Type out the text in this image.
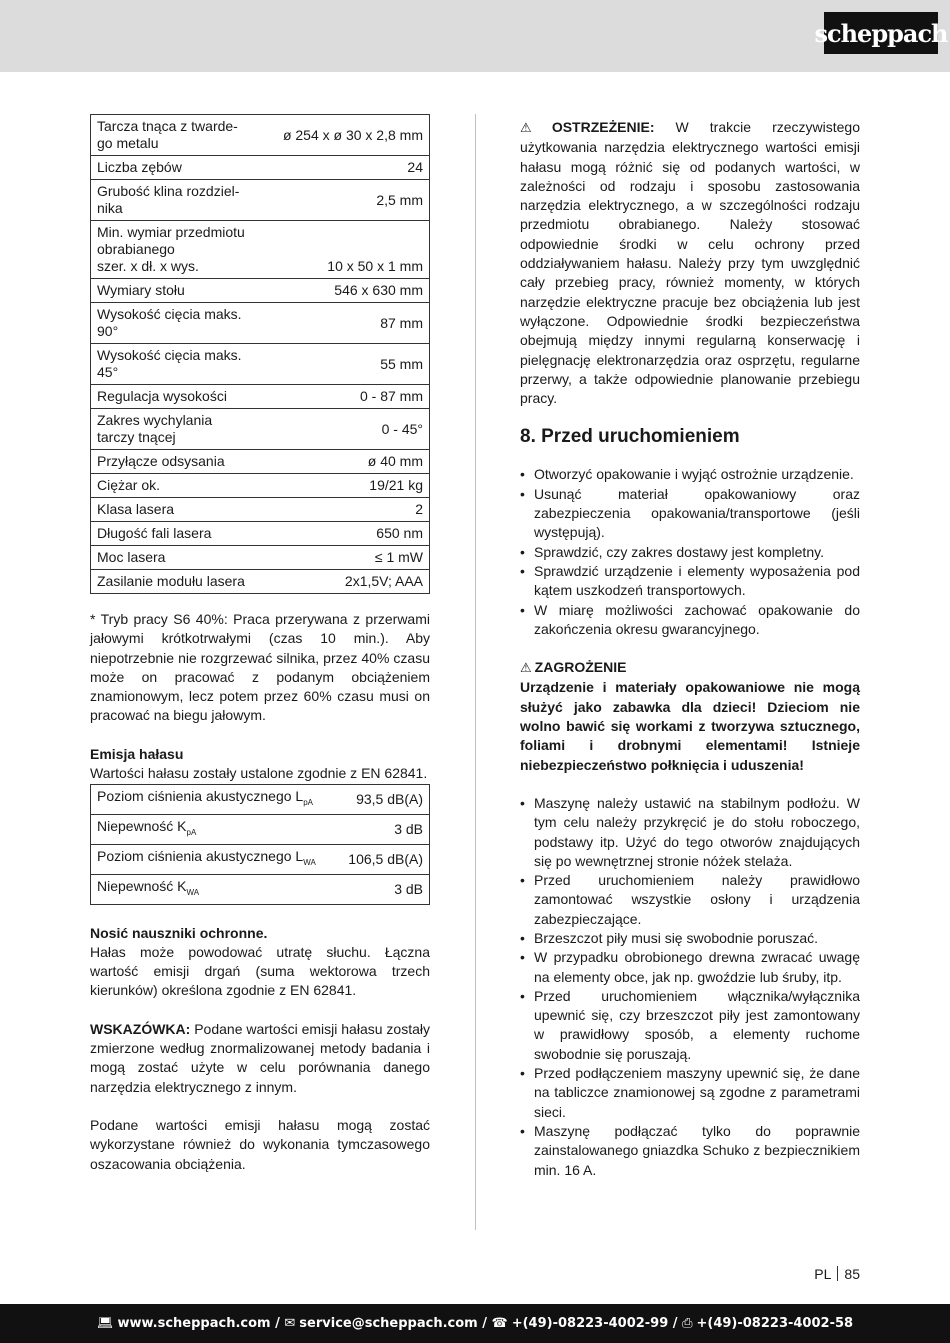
scheppach
Tarcza tnąca z twarde-
go metalu	ø 254 x ø 30 x 2,8 mm
Liczba zębów	24
Grubość klina rozdziel-
nika	2,5 mm
Min. wymiar przedmiotu
obrabianego
szer. x dł. x wys.	10 x 50 x 1 mm
Wymiary stołu	546 x 630 mm
Wysokość cięcia maks.
90°	87 mm
Wysokość cięcia maks.
45°	55 mm
Regulacja wysokości	0 - 87 mm
Zakres wychylania
tarczy tnącej	0 - 45°
Przyłącze odsysania	ø 40 mm
Ciężar ok.	19/21 kg
Klasa lasera	2
Długość fali lasera	650 nm
Moc lasera	≤ 1 mW
Zasilanie modułu lasera	2x1,5V; AAA

* Tryb pracy S6 40%: Praca przerywana z przerwami jałowymi krótkotrwałymi (czas 10 min.). Aby niepotrzebnie nie rozgrzewać silnika, przez 40% czasu może on pracować z podanym obciążeniem znamionowym, lecz potem przez 60% czasu musi on pracować na biegu jałowym.

Emisja hałasu

Wartości hałasu zostały ustalone zgodnie z EN 62841.

Poziom ciśnienia akustycznego $L_{pA}$	93,5 dB(A)
Niepewność $K_{pA}$	3 dB
Poziom ciśnienia akustycznego $L_{WA}$	106,5 dB(A)
Niepewność $K_{WA}$	3 dB

Nosić nauszniki ochronne.

Hałas może powodować utratę słuchu. Łączna wartość emisji drgań (suma wektorowa trzech kierunków) określona zgodnie z EN 62841.

WSKAZÓWKA: Podane wartości emisji hałasu zostały zmierzone według znormalizowanej metody badania i mogą zostać użyte w celu porównania danego narzędzia elektrycznego z innym.

Podane wartości emisji hałasu mogą zostać wykorzystane również do wykonania tymczasowego oszacowania obciążenia.

⚠ OSTRZEŻENIE: W trakcie rzeczywistego użytkowania narzędzia elektrycznego wartości emisji hałasu mogą różnić się od podanych wartości, w zależności od rodzaju i sposobu zastosowania narzędzia elektrycznego, a w szczególności rodzaju przedmiotu obrabianego. Należy stosować odpowiednie środki w celu ochrony przed oddziaływaniem hałasu. Należy przy tym uwzględnić cały przebieg pracy, również momenty, w których narzędzie elektryczne pracuje bez obciążenia lub jest wyłączone. Odpowiednie środki bezpieczeństwa obejmują między innymi regularną konserwację i pielęgnację elektronarzędzia oraz osprzętu, regularne przerwy, a także odpowiednie planowanie przebiegu pracy.

8. Przed uruchomieniem

• Otworzyć opakowanie i wyjąć ostrożnie urządzenie.
• Usunąć materiał opakowaniowy oraz zabezpieczenia opakowania/transportowe (jeśli występują).
• Sprawdzić, czy zakres dostawy jest kompletny.
• Sprawdzić urządzenie i elementy wyposażenia pod kątem uszkodzeń transportowych.
• W miarę możliwości zachować opakowanie do zakończenia okresu gwarancyjnego.

⚠ ZAGROŻENIE

Urządzenie i materiały opakowaniowe nie mogą służyć jako zabawka dla dzieci! Dzieciom nie wolno bawić się workami z tworzywa sztucznego, foliami i drobnymi elementami! Istnieje niebezpieczeństwo połknięcia i uduszenia!

• Maszynę należy ustawić na stabilnym podłożu. W tym celu należy przykręcić je do stołu roboczego, podstawy itp. Użyć do tego otworów znajdujących się po wewnętrznej stronie nóżek stelaża.
• Przed uruchomieniem należy prawidłowo zamontować wszystkie osłony i urządzenia zabezpieczające.
• Brzeszczot piły musi się swobodnie poruszać.
• W przypadku obrobionego drewna zwracać uwagę na elementy obce, jak np. gwoździe lub śruby, itp.
• Przed uruchomieniem włącznika/wyłącznika upewnić się, czy brzeszczot piły jest zamontowany w prawidłowy sposób, a elementy ruchome swobodnie się poruszają.
• Przed podłączeniem maszyny upewnić się, że dane na tabliczce znamionowej są zgodne z parametrami sieci.
• Maszynę podłączać tylko do poprawnie zainstalowanego gniazdka Schuko z bezpiecznikiem min. 16 A.
PL 85
💻︎ www.scheppach.com / ✉ service@scheppach.com / ☎ +(49)-08223-4002-99 / ⎙ +(49)-08223-4002-58
